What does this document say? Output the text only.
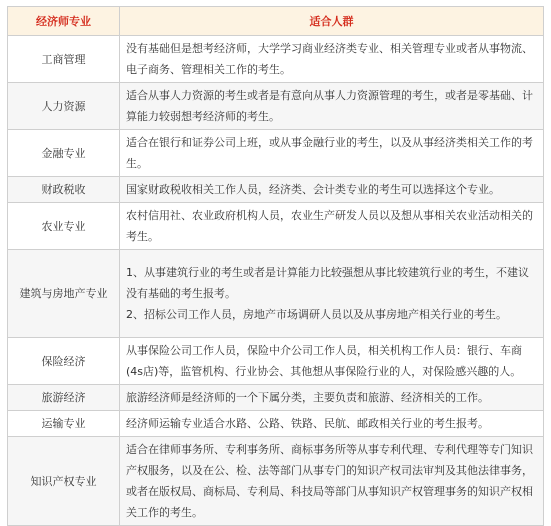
经济师专业	适合人群
工商管理	没有基础但是想考经济师，大学学习商业经济类专业、相关管理专业或者从事物流、电子商务、管理相关工作的考生。

人力资源	适合从事人力资源的考生或者是有意向从事人力资源管理的考生，或者是零基础、计算能力较弱想考经济师的考生。

金融专业	适合在银行和证券公司上班，或从事金融行业的考生，以及从事经济类相关工作的考生。

财政税收	国家财政税收相关工作人员，经济类、会计类专业的考生可以选择这个专业。

农业专业	农村信用社、农业政府机构人员，农业生产研发人员以及想从事相关农业活动相关的考生。

建筑与房地产专业	1、从事建筑行业的考生或者是计算能力比较强想从事比较建筑行业的考生，不建议没有基础的考生报考。
2、招标公司工作人员，房地产市场调研人员以及从事房地产相关行业的考生。

保险经济	从事保险公司工作人员，保险中介公司工作人员，相关机构工作人员：银行、车商(4s店)等，监管机构、行业协会、其他想从事保险行业的人，对保险感兴趣的人。

旅游经济	旅游经济师是经济师的一个下属分类，主要负责和旅游、经济相关的工作。

运输专业	经济师运输专业适合水路、公路、铁路、民航、邮政相关行业的考生报考。

知识产权专业	适合在律师事务所、专利事务所、商标事务所等从事专利代理、专利代理等专门知识产权服务，以及在公、检、法等部门从事专门的知识产权司法审判及其他法律事务，或者在版权局、商标局、专利局、科技局等部门从事知识产权管理事务的知识产权相关工作的考生。
